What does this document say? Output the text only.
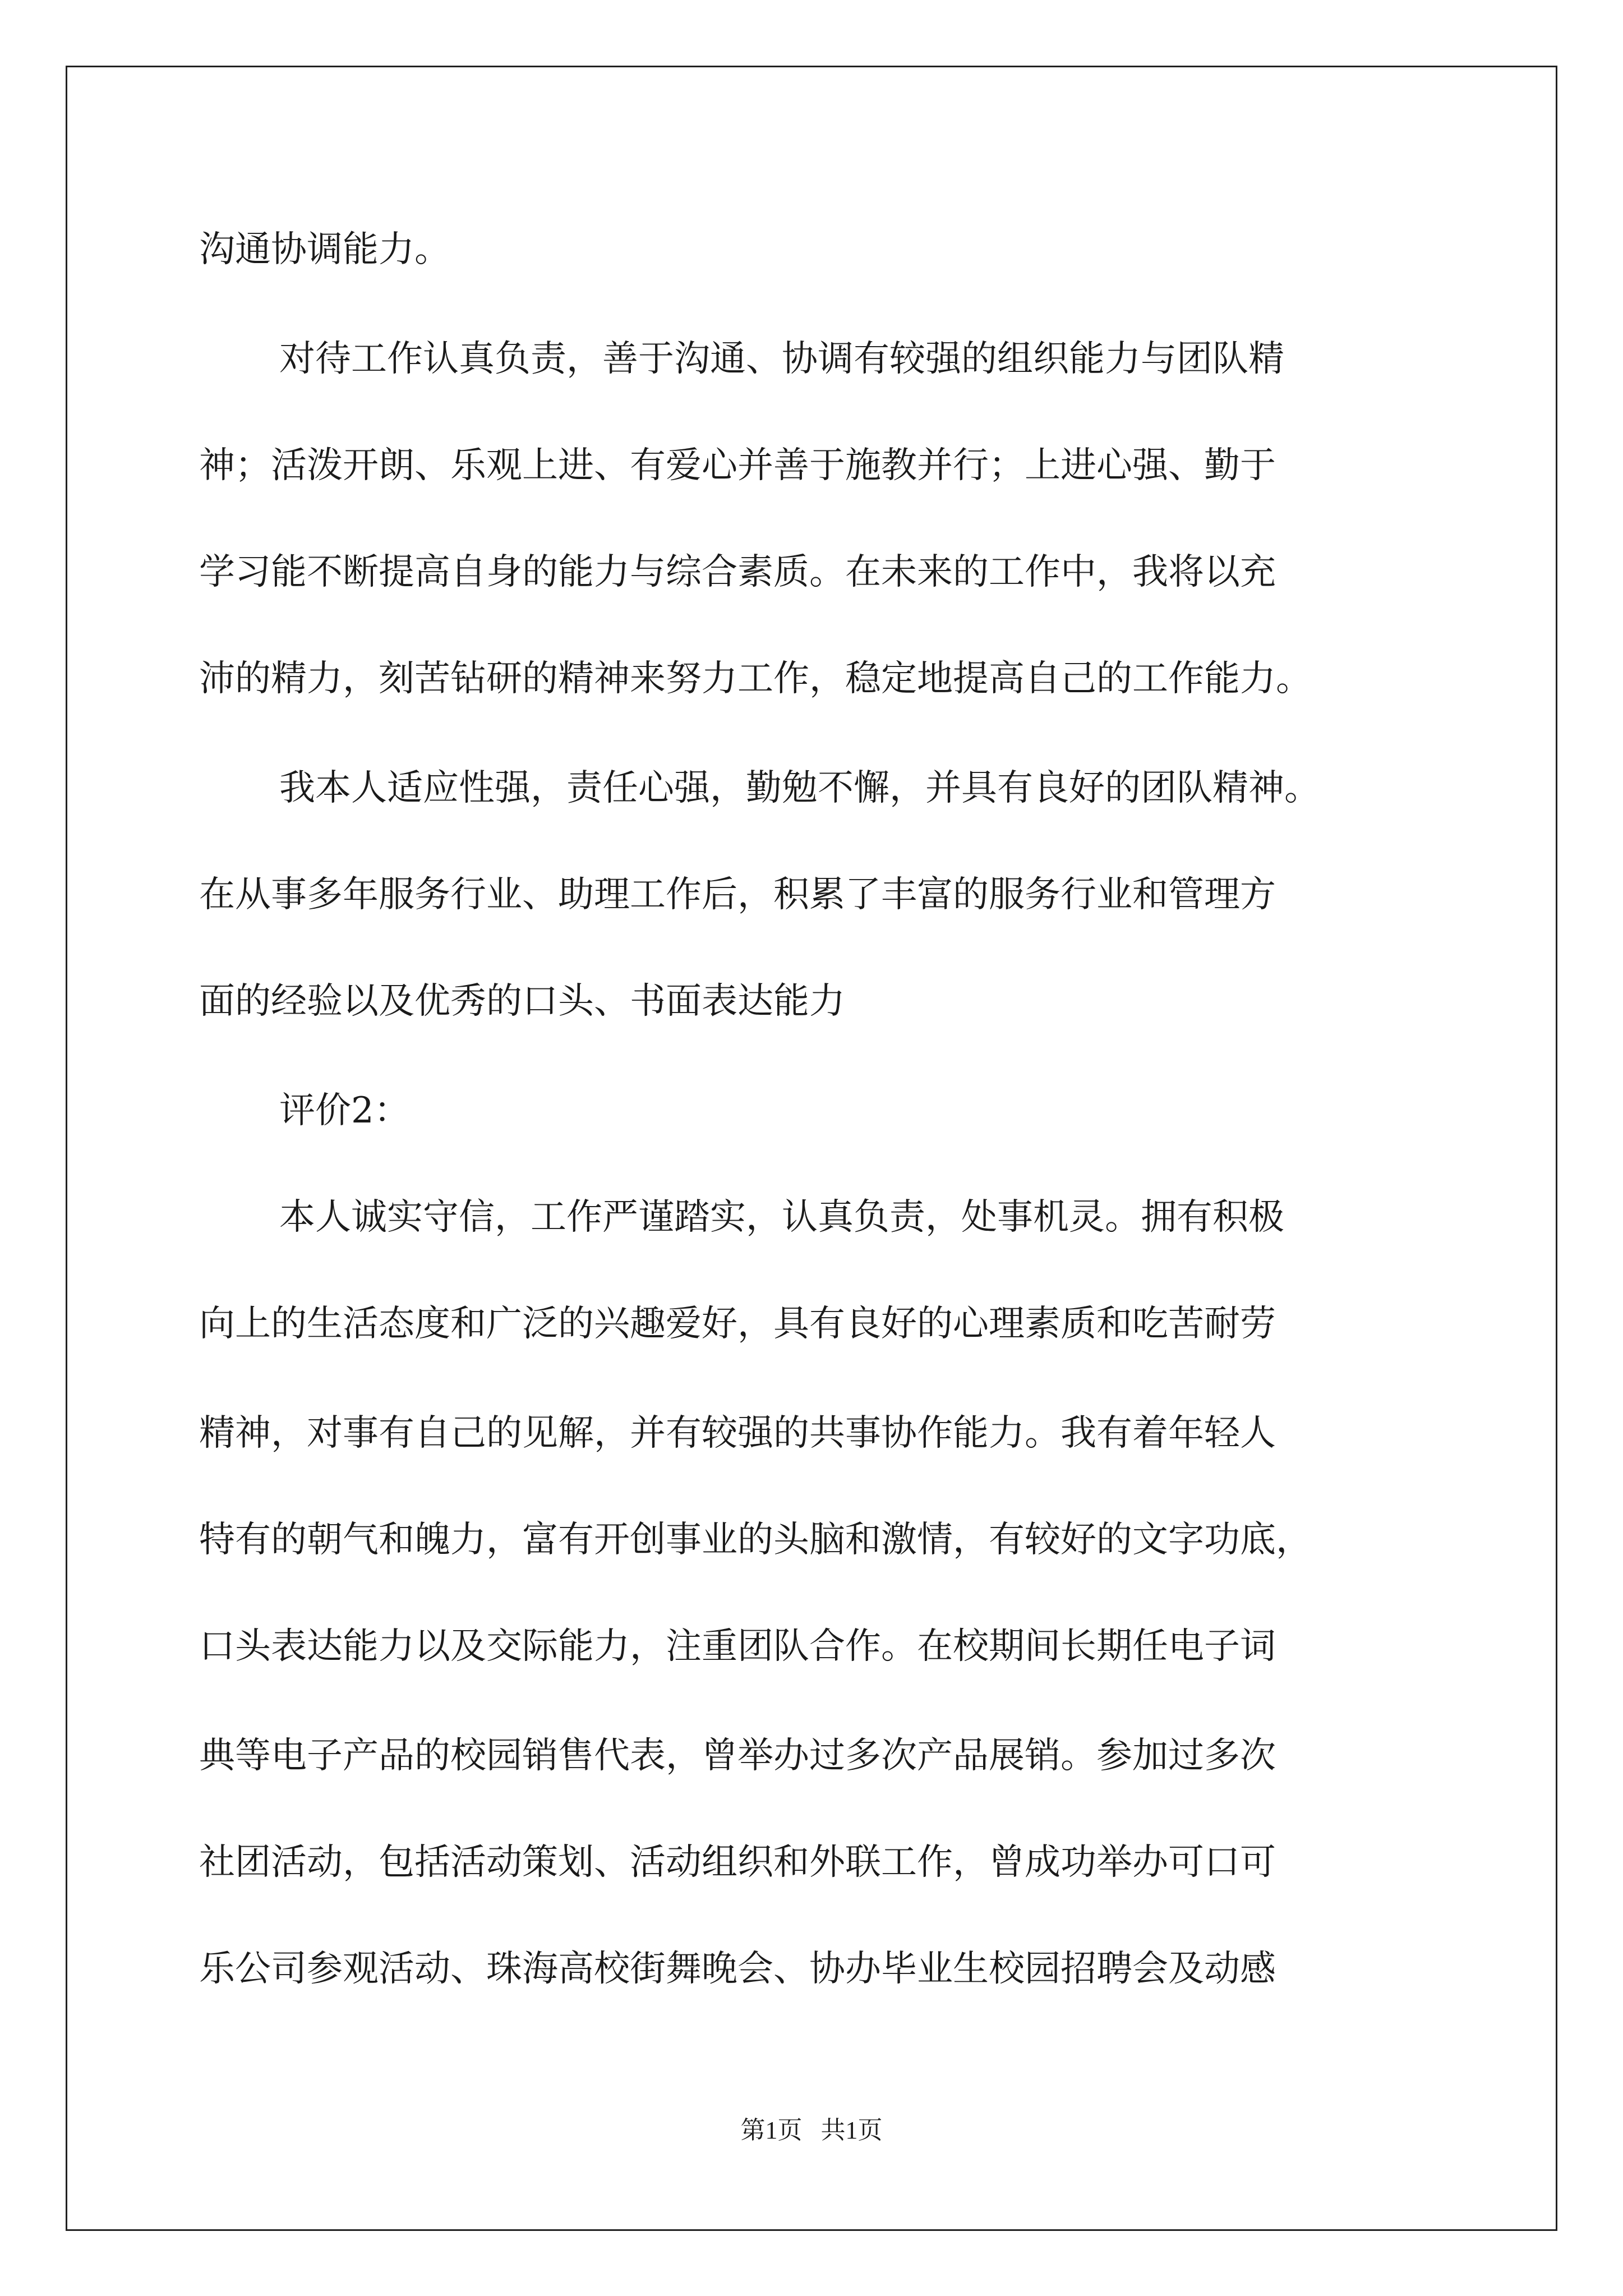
沟通协调能力。
对待工作认真负责，善于沟通、协调有较强的组织能力与团队精
神；活泼开朗、乐观上进、有爱心并善于施教并行；上进心强、勤于
学习能不断提高自身的能力与综合素质。在未来的工作中，我将以充
沛的精力，刻苦钻研的精神来努力工作，稳定地提高自己的工作能力。
我本人适应性强，责任心强，勤勉不懈，并具有良好的团队精神。
在从事多年服务行业、助理工作后，积累了丰富的服务行业和管理方
面的经验以及优秀的口头、书面表达能力
评价2：
本人诚实守信，工作严谨踏实，认真负责，处事机灵。拥有积极
向上的生活态度和广泛的兴趣爱好，具有良好的心理素质和吃苦耐劳
精神，对事有自己的见解，并有较强的共事协作能力。我有着年轻人
特有的朝气和魄力，富有开创事业的头脑和激情，有较好的文字功底，
口头表达能力以及交际能力，注重团队合作。在校期间长期任电子词
典等电子产品的校园销售代表，曾举办过多次产品展销。参加过多次
社团活动，包括活动策划、活动组织和外联工作，曾成功举办可口可
乐公司参观活动、珠海高校街舞晚会、协办毕业生校园招聘会及动感
第1页   共1页
